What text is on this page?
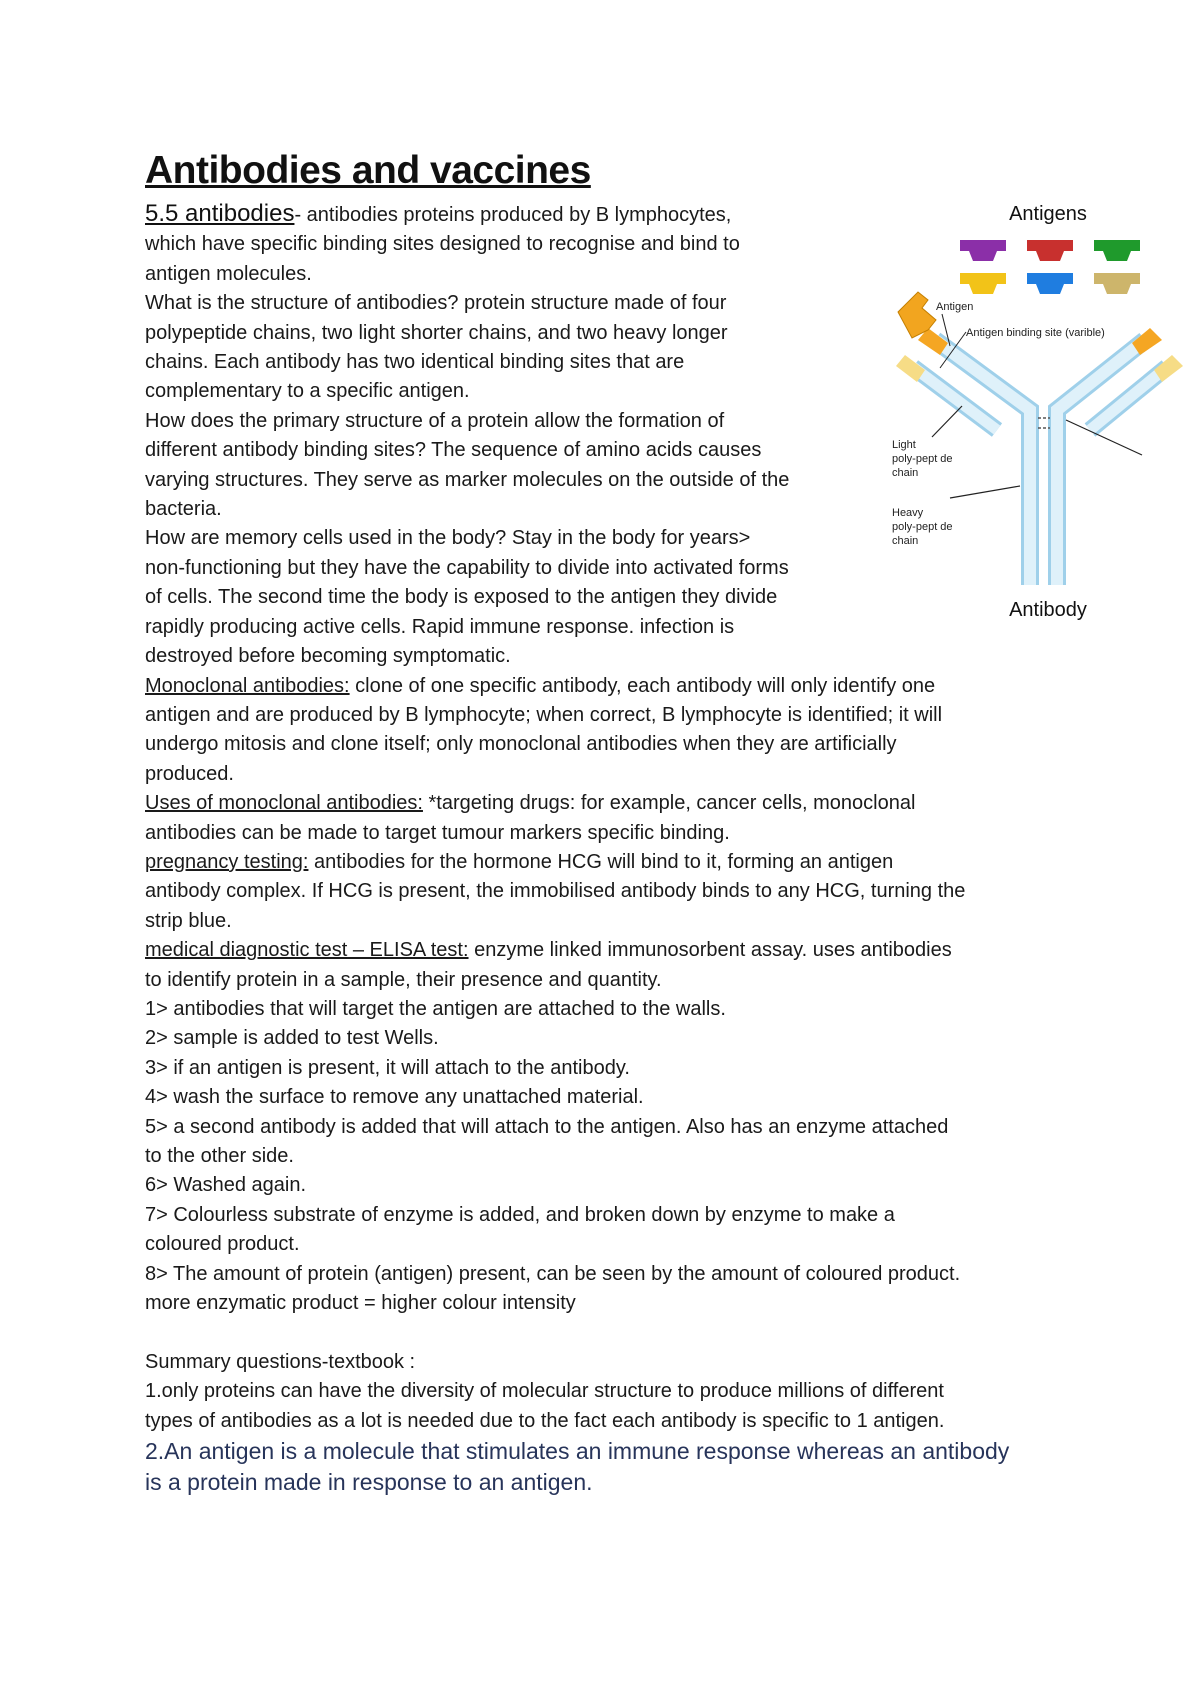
Antibodies and vaccines
5.5 antibodies- antibodies proteins produced by B lymphocytes,
which have specific binding sites designed to recognise and bind to
antigen molecules.
What is the structure of antibodies? protein structure made of four
polypeptide chains, two light shorter chains, and two heavy longer
chains. Each antibody has two identical binding sites that are
complementary to a specific antigen.
How does the primary structure of a protein allow the formation of
different antibody binding sites? The sequence of amino acids causes
varying structures. They serve as marker molecules on the outside of the
bacteria.
How are memory cells used in the body? Stay in the body for years>
non-functioning but they have the capability to divide into activated forms
of cells. The second time the body is exposed to the antigen they divide
rapidly producing active cells. Rapid immune response. infection is
destroyed before becoming symptomatic.
Monoclonal antibodies: clone of one specific antibody, each antibody will only identify one
antigen and are produced by B lymphocyte; when correct, B lymphocyte is identified; it will
undergo mitosis and clone itself; only monoclonal antibodies when they are artificially
produced.
Uses of monoclonal antibodies: *targeting drugs: for example, cancer cells, monoclonal
antibodies can be made to target tumour markers specific binding.
pregnancy testing: antibodies for the hormone HCG will bind to it, forming an antigen
antibody complex. If HCG is present, the immobilised antibody binds to any HCG, turning the
strip blue.
medical diagnostic test – ELISA test: enzyme linked immunosorbent assay. uses antibodies
to identify protein in a sample, their presence and quantity.
1> antibodies that will target the antigen are attached to the walls.
2> sample is added to test Wells.
3> if an antigen is present, it will attach to the antibody.
4> wash the surface to remove any unattached material.
5> a second antibody is added that will attach to the antigen. Also has an enzyme attached
to the other side.
6> Washed again.
7> Colourless substrate of enzyme is added, and broken down by enzyme to make a
coloured product.
8> The amount of protein (antigen) present, can be seen by the amount of coloured product.
more enzymatic product = higher colour intensity
Summary questions-textbook :
1.only proteins can have the diversity of molecular structure to produce millions of different
types of antibodies as a lot is needed due to the fact each antibody is specific to 1 antigen.
2.An antigen is a molecule that stimulates an immune response whereas an antibody
is a protein made in response to an antigen.
Antigens
Antigen
Antigen binding site (varible)
Light
poly-pept de
chain
Heavy
poly-pept de
chain
Antibody
